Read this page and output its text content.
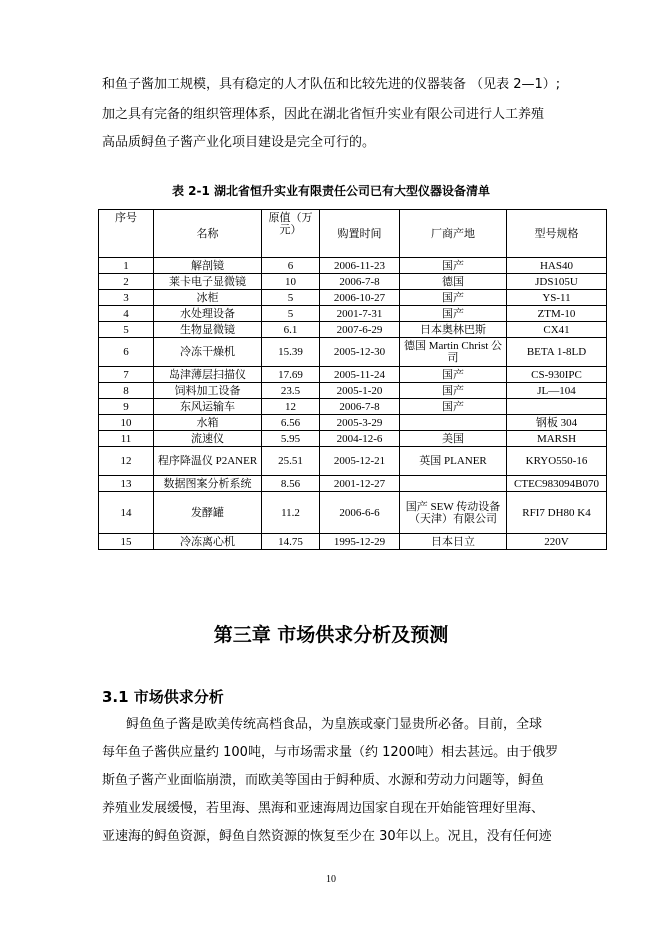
和鱼子酱加工规模，具有稳定的人才队伍和比较先进的仪器装备 （见表 2—1）;
加之具有完备的组织管理体系，因此在湖北省恒升实业有限公司进行人工养殖
高品质鲟鱼子酱产业化项目建设是完全可行的。
表 2-1 湖北省恒升实业有限责任公司已有大型仪器设备清单
序号	名称	原值（万元）	购置时间	厂商产地	型号规格
1	解剖镜	6	2006-11-23	国产	HAS40
2	莱卡电子显微镜	10	2006-7-8	德国	JDS105U
3	冰柜	5	2006-10-27	国产	YS-11
4	水处理设备	5	2001-7-31	国产	ZTM-10
5	生物显微镜	6.1	2007-6-29	日本奥林巴斯	CX41
6	冷冻干燥机	15.39	2005-12-30	德国 Martin Christ 公司	BETA 1-8LD
7	岛津薄层扫描仪	17.69	2005-11-24	国产	CS-930IPC
8	饲料加工设备	23.5	2005-1-20	国产	JL—104
9	东风运输车	12	2006-7-8	国产	
10	水箱	6.56	2005-3-29		钢板 304
11	流速仪	5.95	2004-12-6	美国	MARSH
12	程序降温仪 P2ANER	25.51	2005-12-21	英国 PLANER	KRYO550-16
13	数据图案分析系统	8.56	2001-12-27		CTEC983094B070
14	发酵罐	11.2	2006-6-6	国产 SEW 传动设备（天津）有限公司	RFI7 DH80 K4
15	冷冻离心机	14.75	1995-12-29	日本日立	220V
第三章 市场供求分析及预测
3.1 市场供求分析
鲟鱼鱼子酱是欧美传统高档食品，为皇族或豪门显贵所必备。目前，全球
每年鱼子酱供应量约 100吨，与市场需求量（约 1200吨）相去甚远。由于俄罗
斯鱼子酱产业面临崩溃，而欧美等国由于鲟种质、水源和劳动力问题等，鲟鱼
养殖业发展缓慢，若里海、黑海和亚速海周边国家自现在开始能管理好里海、
亚速海的鲟鱼资源，鲟鱼自然资源的恢复至少在 30年以上。况且，没有任何迹
10
